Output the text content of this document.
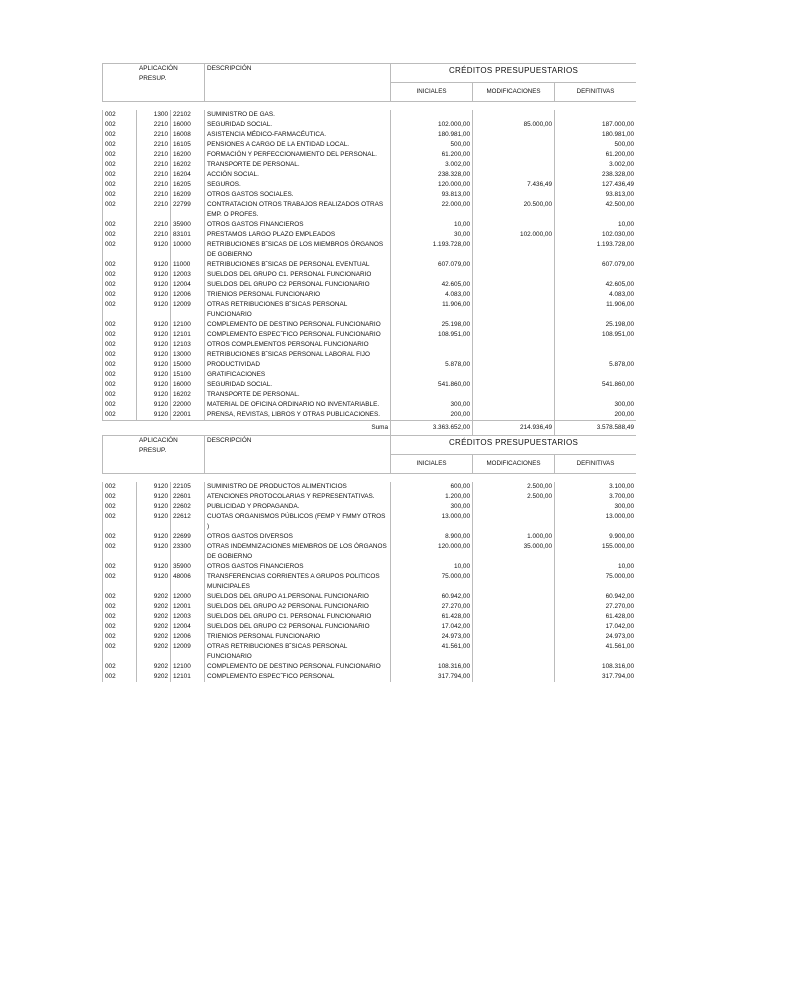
APLICACIÓN PRESUP.			DESCRIPCIÓN	CRÉDITOS PRESUPUESTARIOS		
				INICIALES	MODIFICACIONES	DEFINITIVAS

002	1300	22102	SUMINISTRO DE GAS.			
002	2210	16000	SEGURIDAD SOCIAL.	102.000,00	85.000,00	187.000,00
002	2210	16008	ASISTENCIA MÉDICO-FARMACÉUTICA.	180.981,00		180.981,00
002	2210	16105	PENSIONES A CARGO DE LA ENTIDAD LOCAL.	500,00		500,00
002	2210	16200	FORMACIÓN Y PERFECCIONAMIENTO DEL PERSONAL.	61.200,00		61.200,00
002	2210	16202	TRANSPORTE DE PERSONAL.	3.002,00		3.002,00
002	2210	16204	ACCIÓN SOCIAL.	238.328,00		238.328,00
002	2210	16205	SEGUROS.	120.000,00	7.436,49	127.436,49
002	2210	16209	OTROS GASTOS SOCIALES.	93.813,00		93.813,00
002	2210	22799	CONTRATACION OTROS TRABAJOS REALIZADOS OTRAS EMP. O PROFES.	22.000,00	20.500,00	42.500,00
002	2210	35900	OTROS GASTOS FINANCIEROS	10,00		10,00
002	2210	83101	PRESTAMOS LARGO PLAZO EMPLEADOS	30,00	102.000,00	102.030,00
002	9120	10000	RETRIBUCIONES B˘SICAS DE LOS MIEMBROS ÓRGANOS DE GOBIERNO	1.193.728,00		1.193.728,00
002	9120	11000	RETRIBUCIONES B˘SICAS DE PERSONAL EVENTUAL	607.079,00		607.079,00
002	9120	12003	SUELDOS DEL GRUPO C1. PERSONAL FUNCIONARIO			
002	9120	12004	SUELDOS DEL GRUPO C2 PERSONAL FUNCIONARIO	42.605,00		42.605,00
002	9120	12006	TRIENIOS PERSONAL FUNCIONARIO	4.083,00		4.083,00
002	9120	12009	OTRAS RETRIBUCIONES B˘SICAS PERSONAL FUNCIONARIO	11.906,00		11.906,00
002	9120	12100	COMPLEMENTO DE DESTINO PERSONAL FUNCIONARIO	25.198,00		25.198,00
002	9120	12101	COMPLEMENTO ESPEC˝FICO PERSONAL FUNCIONARIO	108.951,00		108.951,00
002	9120	12103	OTROS COMPLEMENTOS PERSONAL FUNCIONARIO			
002	9120	13000	RETRIBUCIONES B˘SICAS PERSONAL LABORAL FIJO			
002	9120	15000	PRODUCTIVIDAD	5.878,00		5.878,00
002	9120	15100	GRATIFICACIONES			
002	9120	16000	SEGURIDAD SOCIAL.	541.860,00		541.860,00
002	9120	16202	TRANSPORTE DE PERSONAL.			
002	9120	22000	MATERIAL DE OFICINA ORDINARIO NO INVENTARIABLE.	300,00		300,00
002	9120	22001	PRENSA, REVISTAS, LIBROS Y OTRAS PUBLICACIONES.	200,00		200,00
			Suma	3.363.652,00	214.936,49	3.578.588,49
APLICACIÓN PRESUP.			DESCRIPCIÓN	CRÉDITOS PRESUPUESTARIOS		
				INICIALES	MODIFICACIONES	DEFINITIVAS

002	9120	22105	SUMINISTRO DE PRODUCTOS ALIMENTICIOS	600,00	2.500,00	3.100,00
002	9120	22601	ATENCIONES PROTOCOLARIAS Y REPRESENTATIVAS.	1.200,00	2.500,00	3.700,00
002	9120	22602	PUBLICIDAD Y PROPAGANDA.	300,00		300,00
002	9120	22612	CUOTAS ORGANISMOS PÚBLICOS (FEMP Y FMMY OTROS )	13.000,00		13.000,00
002	9120	22699	OTROS GASTOS DIVERSOS	8.900,00	1.000,00	9.900,00
002	9120	23300	OTRAS INDEMNIZACIONES MIEMBROS DE LOS ÓRGANOS DE GOBIERNO	120.000,00	35.000,00	155.000,00
002	9120	35900	OTROS GASTOS FINANCIEROS	10,00		10,00
002	9120	48006	TRANSFERENCIAS CORRIENTES A GRUPOS POLITICOS MUNICIPALES	75.000,00		75.000,00
002	9202	12000	SUELDOS DEL GRUPO A1.PERSONAL FUNCIONARIO	60.942,00		60.942,00
002	9202	12001	SUELDOS DEL GRUPO A2 PERSONAL FUNCIONARIO	27.270,00		27.270,00
002	9202	12003	SUELDOS DEL GRUPO C1. PERSONAL FUNCIONARIO	61.428,00		61.428,00
002	9202	12004	SUELDOS DEL GRUPO C2 PERSONAL FUNCIONARIO	17.042,00		17.042,00
002	9202	12006	TRIENIOS PERSONAL FUNCIONARIO	24.973,00		24.973,00
002	9202	12009	OTRAS RETRIBUCIONES B˘SICAS PERSONAL FUNCIONARIO	41.561,00		41.561,00
002	9202	12100	COMPLEMENTO DE DESTINO PERSONAL FUNCIONARIO	108.316,00		108.316,00
002	9202	12101	COMPLEMENTO ESPEC˝FICO PERSONAL	317.794,00		317.794,00
